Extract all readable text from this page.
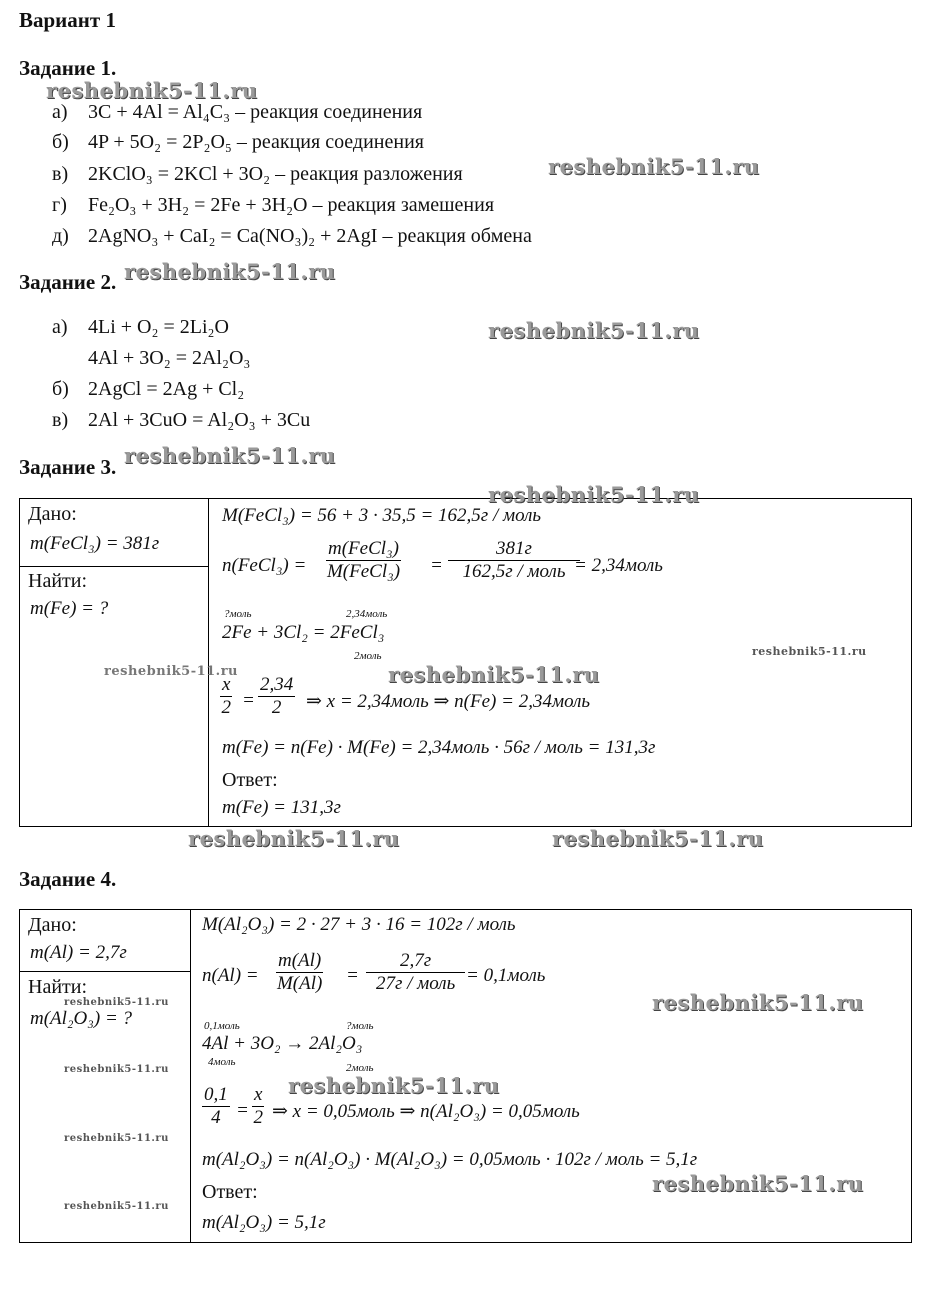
Вариант 1
Задание 1.
а) 3C + 4Al = Al₄C₃ – реакция соединения
б) 4P + 5O₂ = 2P₂O₅ – реакция соединения
в) 2KClO₃ = 2KCl + 3O₂ – реакция разложения
г) Fe₂O₃ + 3H₂ = 2Fe + 3H₂O – реакция замешения
д) 2AgNO₃ + CaI₂ = Ca(NO₃)₂ + 2AgI – реакция обмена
Задание 2.
а) 4Li + O₂ = 2Li₂O
4Al + 3O₂ = 2Al₂O₃
б) 2AgCl = 2Ag + Cl₂
в) 2Al + 3CuO = Al₂O₃ + 3Cu
Задание 3.
Дано:
m(FeCl₃) = 381г
Найти:
m(Fe) = ?
M(FeCl₃) = 56 + 3 · 35,5 = 162,5г / моль
n(FeCl₃) =
m(FeCl₃)
M(FeCl₃) =
381г
162,5г / моль = 2,34моль
?моль	2,34моль
2Fe + 3Cl₂ = 2FeCl₃
2моль
$\frac{x}{2} = \frac{2,34}{2}$ ⇒ x = 2,34моль ⇒ n(Fe) = 2,34моль
m(Fe) = n(Fe) · M(Fe) = 2,34моль · 56г / моль = 131,3г
Ответ:
m(Fe) = 131,3г
Задание 4.
Дано:
m(Al) = 2,7г
Найти:
m(Al₂O₃) = ?
M(Al₂O₃) = 2 · 27 + 3 · 16 = 102г / моль
$n(Al) = \frac{m(Al)}{M(Al)}$ =
2,7г
27г / моль = 0,1моль
0,1моль	?моль
4Al + 3O₂ → 2Al₂O₃
4моль	2моль
$\frac{0,1}{4} = \frac{x}{2}$ ⇒ x = 0,05моль ⇒ n(Al₂O₃) = 0,05моль
m(Al₂O₃) = n(Al₂O₃) · M(Al₂O₃) = 0,05моль · 102г / моль = 5,1г
Ответ:
m(Al₂O₃) = 5,1г
reshebnik5-11.ru
reshebnik5-11.ru
reshebnik5-11.ru
reshebnik5-11.ru
reshebnik5-11.ru
reshebnik5-11.ru
reshebnik5-11.ru	reshebnik5-11.ru
reshebnik5-11.ru
reshebnik5-11.ru	reshebnik5-11.ru
reshebnik5-11.ru
reshebnik5-11.ru
reshebnik5-11.ru
reshebnik5-11.ru
reshebnik5-11.ru
reshebnik5-11.ru
reshebnik5-11.ru
